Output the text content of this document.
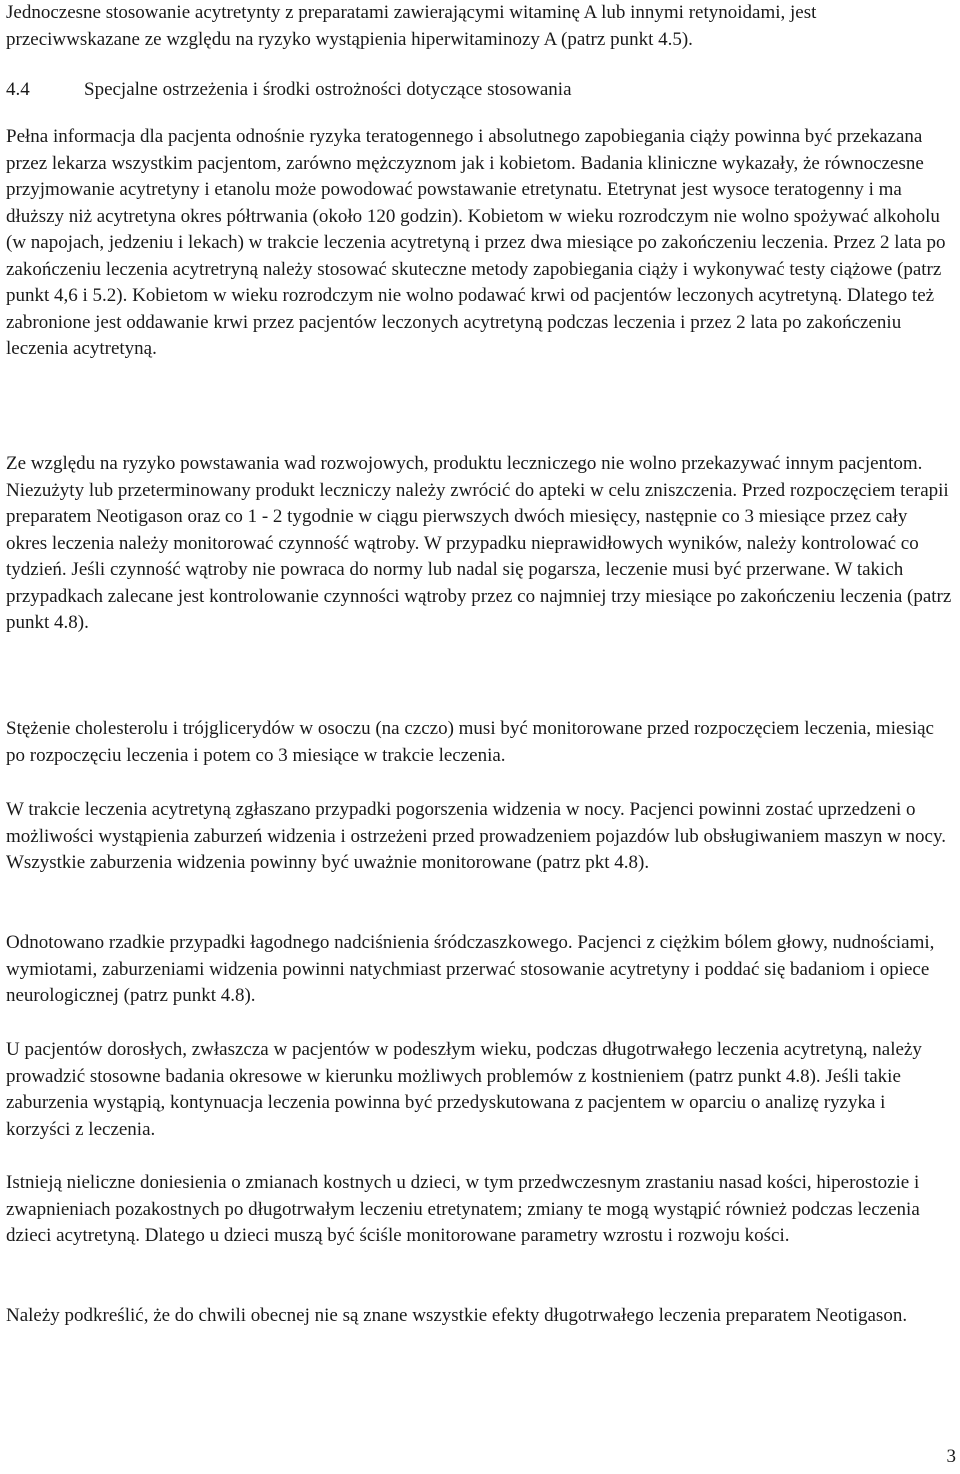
Jednoczesne stosowanie acytretynty z preparatami zawierającymi witaminę A lub innymi retynoidami, jest przeciwwskazane ze względu na ryzyko wystąpienia hiperwitaminozy A (patrz punkt 4.5).

4.4	Specjalne ostrzeżenia i środki ostrożności dotyczące stosowania

Pełna informacja dla pacjenta odnośnie ryzyka teratogennego i absolutnego zapobiegania ciąży powinna być przekazana przez lekarza wszystkim pacjentom, zarówno mężczyznom jak i kobietom. Badania kliniczne wykazały, że równoczesne przyjmowanie acytretyny i etanolu może powodować powstawanie etretynatu. Etetrynat jest wysoce teratogenny i ma dłuższy niż acytretyna okres półtrwania (około 120 godzin). Kobietom w wieku rozrodczym nie wolno spożywać alkoholu (w napojach, jedzeniu i lekach) w trakcie leczenia acytretyną i przez dwa miesiące po zakończeniu leczenia. Przez 2 lata po zakończeniu leczenia acytretryną należy stosować skuteczne metody zapobiegania ciąży i wykonywać testy ciążowe (patrz punkt 4,6 i 5.2). Kobietom w wieku rozrodczym nie wolno podawać krwi od pacjentów leczonych acytretyną. Dlatego też zabronione jest oddawanie krwi przez pacjentów leczonych acytretyną podczas leczenia i przez 2 lata po zakończeniu leczenia acytretyną.

Ze względu na ryzyko powstawania wad rozwojowych, produktu leczniczego nie wolno przekazywać innym pacjentom. Niezużyty lub przeterminowany produkt leczniczy należy zwrócić do apteki w celu zniszczenia. Przed rozpoczęciem terapii preparatem Neotigason oraz co 1 - 2 tygodnie w ciągu pierwszych dwóch miesięcy, następnie co 3 miesiące przez cały okres leczenia należy monitorować czynność wątroby. W przypadku nieprawidłowych wyników, należy kontrolować co tydzień. Jeśli czynność wątroby nie powraca do normy lub nadal się pogarsza, leczenie musi być przerwane. W takich przypadkach zalecane jest kontrolowanie czynności wątroby przez co najmniej trzy miesiące po zakończeniu leczenia (patrz punkt 4.8).

Stężenie cholesterolu i trójglicerydów w osoczu (na czczo) musi być monitorowane przed rozpoczęciem leczenia, miesiąc po rozpoczęciu leczenia i potem co 3 miesiące w trakcie leczenia.

W trakcie leczenia acytretyną zgłaszano przypadki pogorszenia widzenia w nocy. Pacjenci powinni zostać uprzedzeni o możliwości wystąpienia zaburzeń widzenia i ostrzeżeni przed prowadzeniem pojazdów lub obsługiwaniem maszyn w nocy. Wszystkie zaburzenia widzenia powinny być uważnie monitorowane (patrz pkt 4.8).

Odnotowano rzadkie przypadki łagodnego nadciśnienia śródczaszkowego. Pacjenci z ciężkim bólem głowy, nudnościami, wymiotami, zaburzeniami widzenia powinni natychmiast przerwać stosowanie acytretyny i poddać się badaniom i opiece neurologicznej (patrz punkt 4.8).

U pacjentów dorosłych, zwłaszcza w pacjentów w podeszłym wieku, podczas długotrwałego leczenia acytretyną, należy prowadzić stosowne badania okresowe w kierunku możliwych problemów z kostnieniem (patrz punkt 4.8). Jeśli takie zaburzenia wystąpią, kontynuacja leczenia powinna być przedyskutowana z pacjentem w oparciu o analizę ryzyka i korzyści z leczenia.

Istnieją nieliczne doniesienia o zmianach kostnych u dzieci, w tym przedwczesnym zrastaniu nasad kości, hiperostozie i zwapnieniach pozakostnych po długotrwałym leczeniu etretynatem; zmiany te mogą wystąpić również podczas leczenia dzieci acytretyną. Dlatego u dzieci muszą być ściśle monitorowane parametry wzrostu i rozwoju kości.

Należy podkreślić, że do chwili obecnej nie są znane wszystkie efekty długotrwałego leczenia preparatem Neotigason.

3
